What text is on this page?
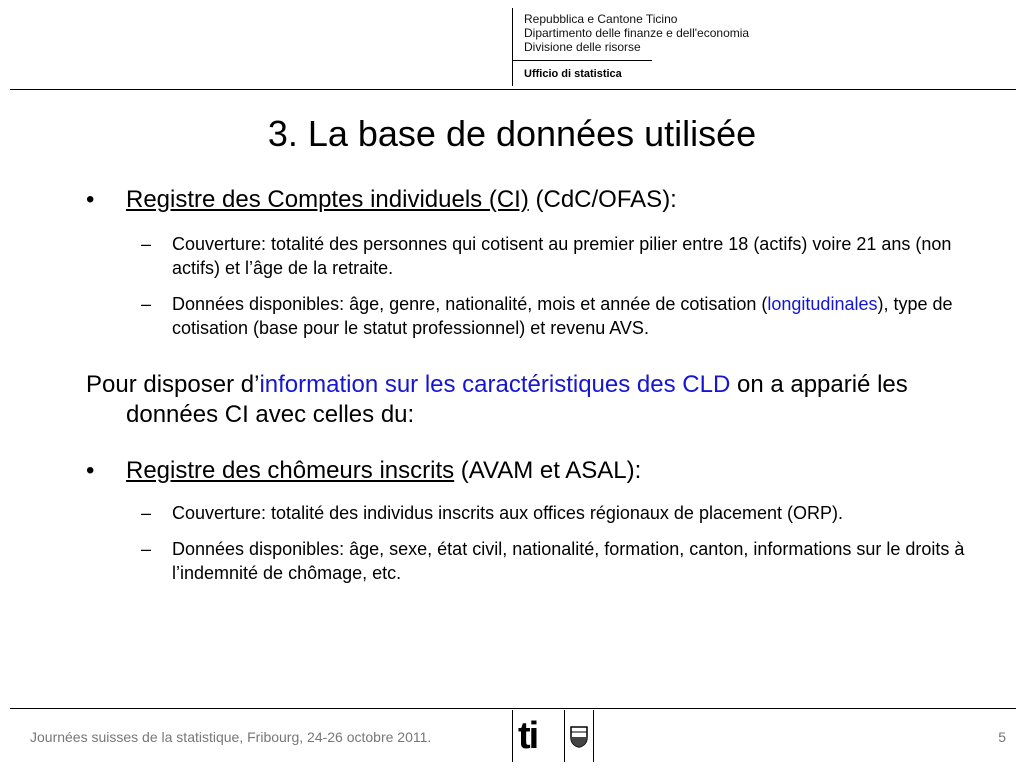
Repubblica e Cantone Ticino
Dipartimento delle finanze e dell'economia
Divisione delle risorse
Ufficio di statistica
3. La base de données utilisée
• Registre des Comptes individuels (CI) (CdC/OFAS):
– Couverture: totalité des personnes qui cotisent au premier pilier entre 18 (actifs) voire 21 ans (non actifs) et l’âge de la retraite.
– Données disponibles: âge, genre, nationalité, mois et année de cotisation (longitudinales), type de cotisation (base pour le statut professionnel) et revenu AVS.
Pour disposer d’information sur les caractéristiques des CLD on a apparié les données CI avec celles du:
• Registre des chômeurs inscrits (AVAM et ASAL):
– Couverture: totalité des individus inscrits aux offices régionaux de placement (ORP).
– Données disponibles: âge, sexe, état civil, nationalité, formation, canton, informations sur le droits à l’indemnité de chômage, etc.
Journées suisses de la statistique, Fribourg, 24-26 octobre 2011. ti	5
